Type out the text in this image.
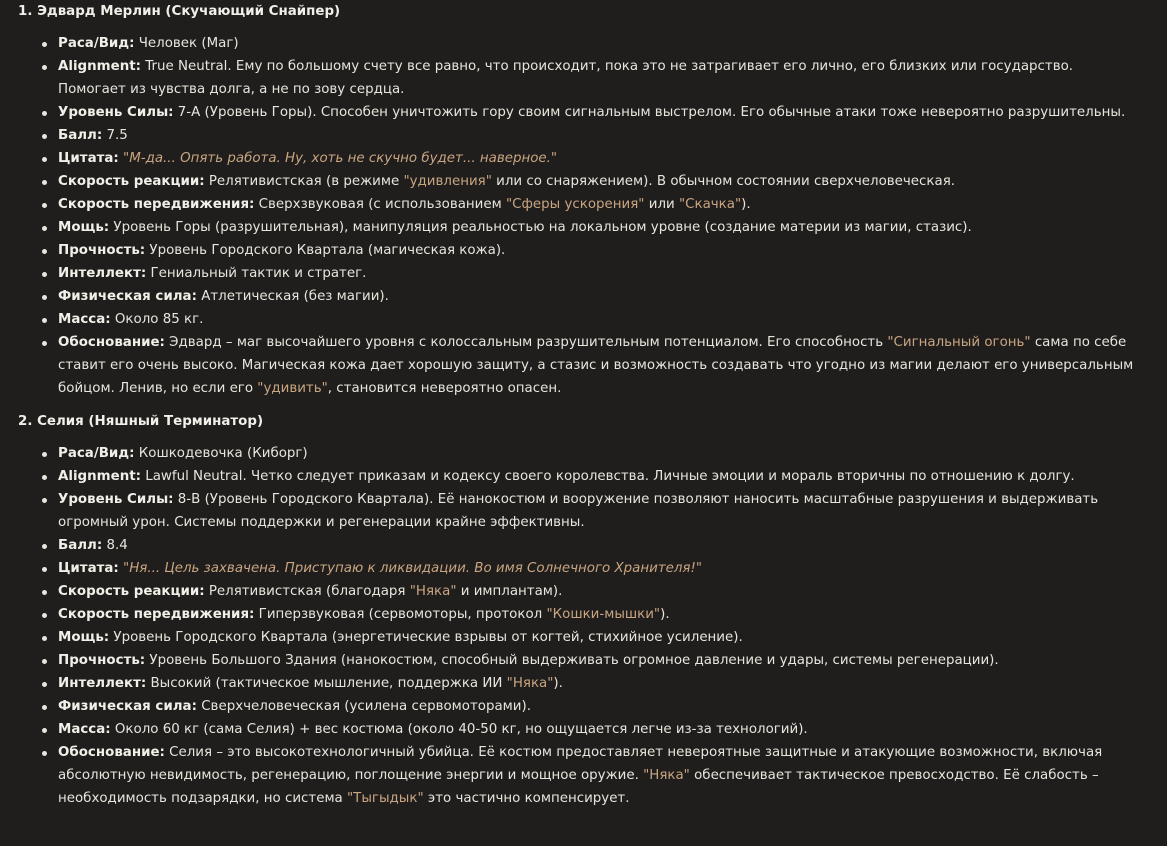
1. Эдвард Мерлин (Скучающий Снайпер)
Раса/Вид: Человек (Маг)
Alignment: True Neutral. Ему по большому счету все равно, что происходит, пока это не затрагивает его лично, его близких или государство. Помогает из чувства долга, а не по зову сердца.
Уровень Силы: 7-A (Уровень Горы). Способен уничтожить гору своим сигнальным выстрелом. Его обычные атаки тоже невероятно разрушительны.
Балл: 7.5
Цитата: "М-да... Опять работа. Ну, хоть не скучно будет... наверное."
Скорость реакции: Релятивистская (в режиме "удивления" или со снаряжением). В обычном состоянии сверхчеловеческая.
Скорость передвижения: Сверхзвуковая (с использованием "Сферы ускорения" или "Скачка").
Мощь: Уровень Горы (разрушительная), манипуляция реальностью на локальном уровне (создание материи из магии, стазис).
Прочность: Уровень Городского Квартала (магическая кожа).
Интеллект: Гениальный тактик и стратег.
Физическая сила: Атлетическая (без магии).
Масса: Около 85 кг.
Обоснование: Эдвард – маг высочайшего уровня с колоссальным разрушительным потенциалом. Его способность "Сигнальный огонь" сама по себе ставит его очень высоко. Магическая кожа дает хорошую защиту, а стазис и возможность создавать что угодно из магии делают его универсальным бойцом. Ленив, но если его "удивить", становится невероятно опасен.
2. Селия (Няшный Терминатор)
Раса/Вид: Кошкодевочка (Киборг)
Alignment: Lawful Neutral. Четко следует приказам и кодексу своего королевства. Личные эмоции и мораль вторичны по отношению к долгу.
Уровень Силы: 8-B (Уровень Городского Квартала). Её нанокостюм и вооружение позволяют наносить масштабные разрушения и выдерживать огромный урон. Системы поддержки и регенерации крайне эффективны.
Балл: 8.4
Цитата: "Ня... Цель захвачена. Приступаю к ликвидации. Во имя Солнечного Хранителя!"
Скорость реакции: Релятивистская (благодаря "Няка" и имплантам).
Скорость передвижения: Гиперзвуковая (сервомоторы, протокол "Кошки-мышки").
Мощь: Уровень Городского Квартала (энергетические взрывы от когтей, стихийное усиление).
Прочность: Уровень Большого Здания (нанокостюм, способный выдерживать огромное давление и удары, системы регенерации).
Интеллект: Высокий (тактическое мышление, поддержка ИИ "Няка").
Физическая сила: Сверхчеловеческая (усилена сервомоторами).
Масса: Около 60 кг (сама Селия) + вес костюма (около 40-50 кг, но ощущается легче из-за технологий).
Обоснование: Селия – это высокотехнологичный убийца. Её костюм предоставляет невероятные защитные и атакующие возможности, включая абсолютную невидимость, регенерацию, поглощение энергии и мощное оружие. "Няка" обеспечивает тактическое превосходство. Её слабость – необходимость подзарядки, но система "Тыгыдык" это частично компенсирует.
